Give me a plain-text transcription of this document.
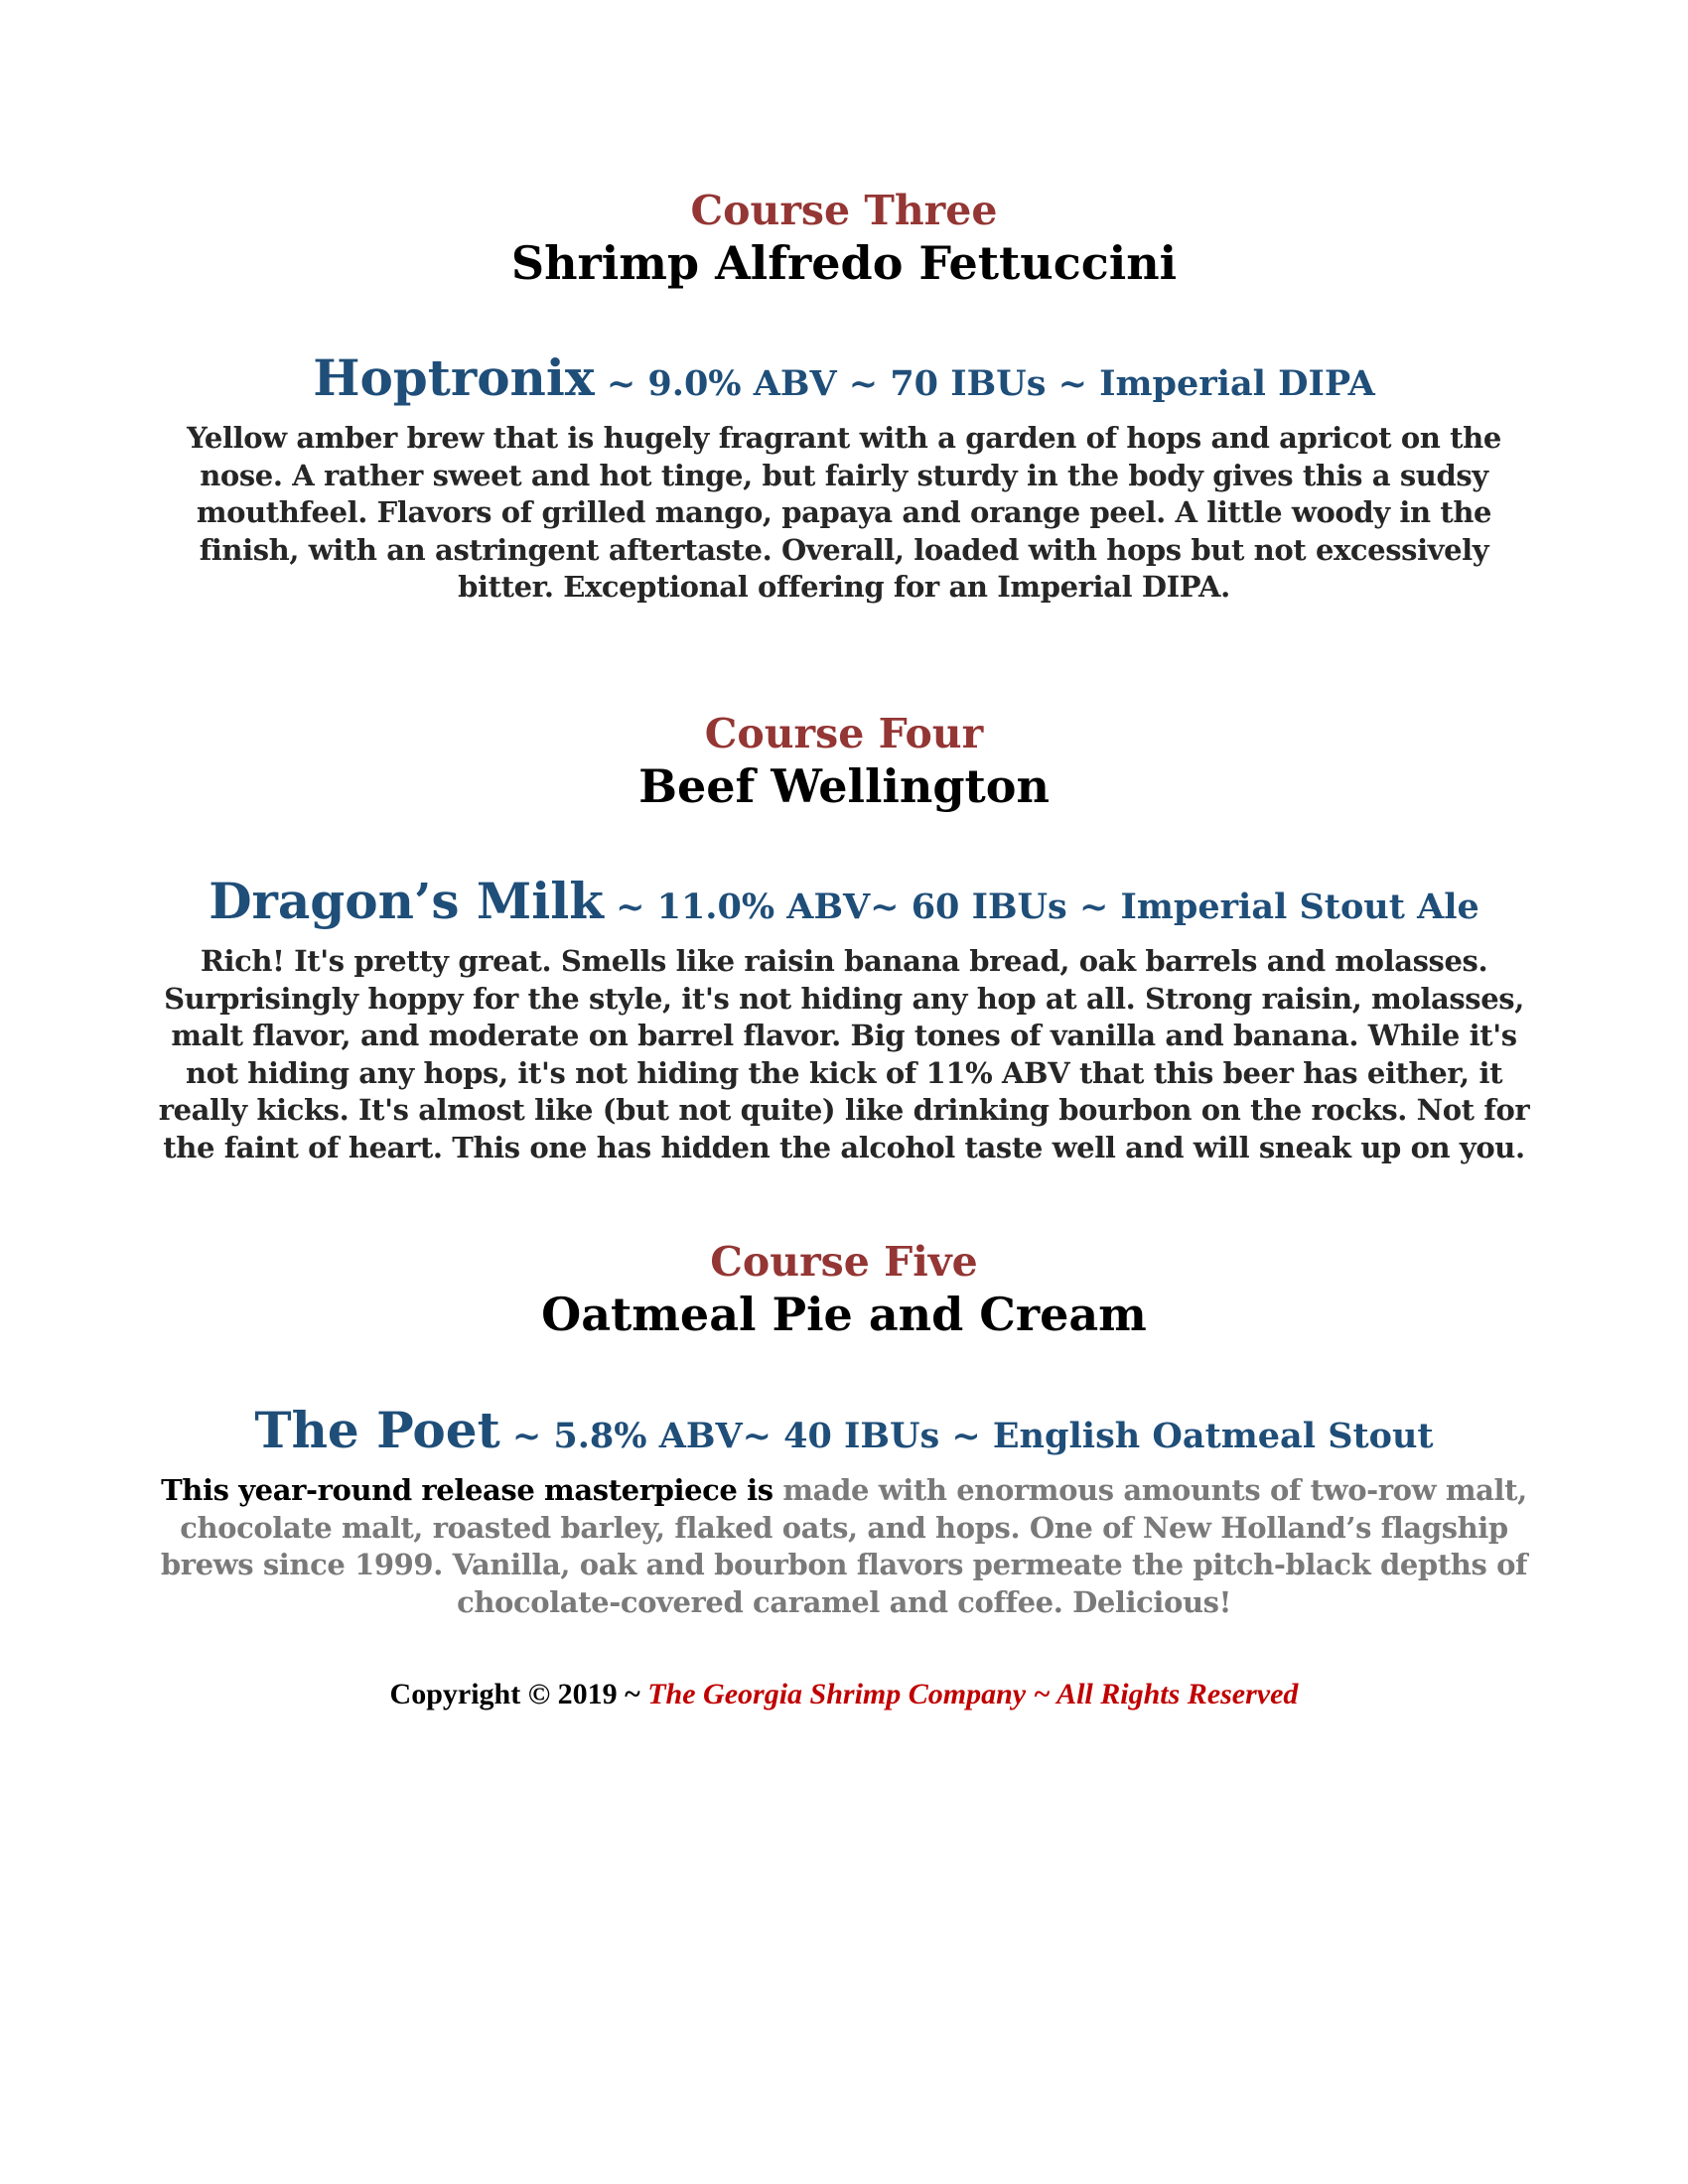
Course Three

Shrimp Alfredo Fettuccini

Hoptronix ~ 9.0% ABV ~ 70 IBUs ~ Imperial DIPA

Yellow amber brew that is hugely fragrant with a garden of hops and apricot on the
nose. A rather sweet and hot tinge, but fairly sturdy in the body gives this a sudsy
mouthfeel. Flavors of grilled mango, papaya and orange peel. A little woody in the
finish, with an astringent aftertaste. Overall, loaded with hops but not excessively
bitter. Exceptional offering for an Imperial DIPA.

Course Four

Beef Wellington

Dragon’s Milk ~ 11.0% ABV~ 60 IBUs ~ Imperial Stout Ale

Rich! It's pretty great. Smells like raisin banana bread, oak barrels and molasses.
Surprisingly hoppy for the style, it's not hiding any hop at all. Strong raisin, molasses,
malt flavor, and moderate on barrel flavor. Big tones of vanilla and banana. While it's
not hiding any hops, it's not hiding the kick of 11% ABV that this beer has either, it
really kicks. It's almost like (but not quite) like drinking bourbon on the rocks. Not for
the faint of heart. This one has hidden the alcohol taste well and will sneak up on you.

Course Five

Oatmeal Pie and Cream

The Poet ~ 5.8% ABV~ 40 IBUs ~ English Oatmeal Stout

This year-round release masterpiece is made with enormous amounts of two-row malt,
chocolate malt, roasted barley, flaked oats, and hops. One of New Holland’s flagship
brews since 1999. Vanilla, oak and bourbon flavors permeate the pitch-black depths of
chocolate-covered caramel and coffee. Delicious!
Copyright © 2019 ~ The Georgia Shrimp Company ~ All Rights Reserved
